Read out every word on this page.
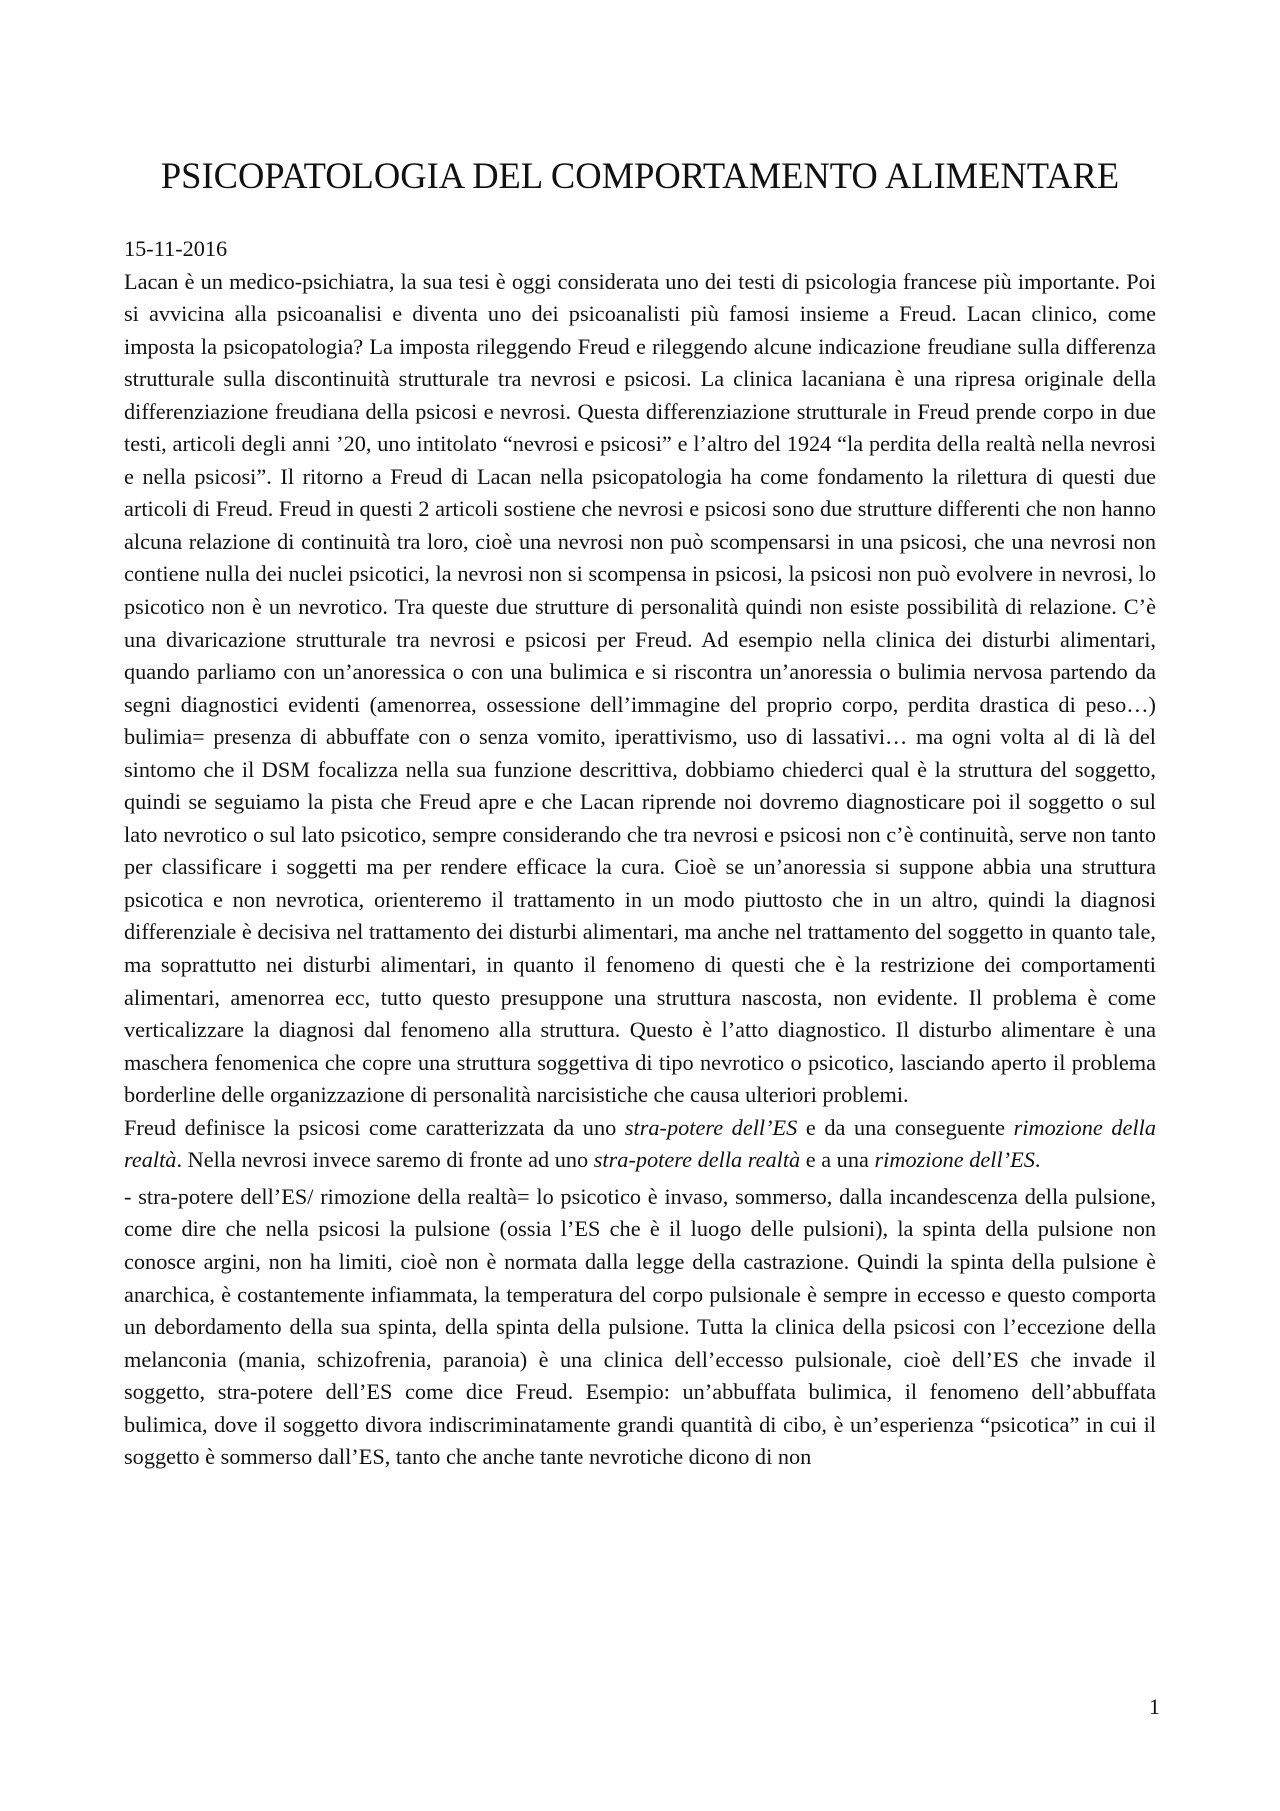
PSICOPATOLOGIA DEL COMPORTAMENTO ALIMENTARE

15-11-2016

Lacan è un medico-psichiatra, la sua tesi è oggi considerata uno dei testi di psicologia francese più importante. Poi si avvicina alla psicoanalisi e diventa uno dei psicoanalisti più famosi insieme a Freud. Lacan clinico, come imposta la psicopatologia? La imposta rileggendo Freud e rileggendo alcune indicazione freudiane sulla differenza strutturale sulla discontinuità strutturale tra nevrosi e psicosi. La clinica lacaniana è una ripresa originale della differenziazione freudiana della psicosi e nevrosi. Questa differenziazione strutturale in Freud prende corpo in due testi, articoli degli anni ’20, uno intitolato “nevrosi e psicosi” e l’altro del 1924 “la perdita della realtà nella nevrosi e nella psicosi”. Il ritorno a Freud di Lacan nella psicopatologia ha come fondamento la rilettura di questi due articoli di Freud. Freud in questi 2 articoli sostiene che nevrosi e psicosi sono due strutture differenti che non hanno alcuna relazione di continuità tra loro, cioè una nevrosi non può scompensarsi in una psicosi, che una nevrosi non contiene nulla dei nuclei psicotici, la nevrosi non si scompensa in psicosi, la psicosi non può evolvere in nevrosi, lo psicotico non è un nevrotico. Tra queste due strutture di personalità quindi non esiste possibilità di relazione. C’è una divaricazione strutturale tra nevrosi e psicosi per Freud. Ad esempio nella clinica dei disturbi alimentari, quando parliamo con un’anoressica o con una bulimica e si riscontra un’anoressia o bulimia nervosa partendo da segni diagnostici evidenti (amenorrea, ossessione dell’immagine del proprio corpo, perdita drastica di peso…) bulimia= presenza di abbuffate con o senza vomito, iperattivismo, uso di lassativi… ma ogni volta al di là del sintomo che il DSM focalizza nella sua funzione descrittiva, dobbiamo chiederci qual è la struttura del soggetto, quindi se seguiamo la pista che Freud apre e che Lacan riprende noi dovremo diagnosticare poi il soggetto o sul lato nevrotico o sul lato psicotico, sempre considerando che tra nevrosi e psicosi non c’è continuità, serve non tanto per classificare i soggetti ma per rendere efficace la cura. Cioè se un’anoressia si suppone abbia una struttura psicotica e non nevrotica, orienteremo il trattamento in un modo piuttosto che in un altro, quindi la diagnosi differenziale è decisiva nel trattamento dei disturbi alimentari, ma anche nel trattamento del soggetto in quanto tale, ma soprattutto nei disturbi alimentari, in quanto il fenomeno di questi che è la restrizione dei comportamenti alimentari, amenorrea ecc, tutto questo presuppone una struttura nascosta, non evidente. Il problema è come verticalizzare la diagnosi dal fenomeno alla struttura. Questo è l’atto diagnostico. Il disturbo alimentare è una maschera fenomenica che copre una struttura soggettiva di tipo nevrotico o psicotico, lasciando aperto il problema borderline delle organizzazione di personalità narcisistiche che causa ulteriori problemi.

Freud definisce la psicosi come caratterizzata da uno stra-potere dell’ES e da una conseguente rimozione della realtà. Nella nevrosi invece saremo di fronte ad uno stra-potere della realtà e a una rimozione dell’ES.

- stra-potere dell’ES/ rimozione della realtà= lo psicotico è invaso, sommerso, dalla incandescenza della pulsione, come dire che nella psicosi la pulsione (ossia l’ES che è il luogo delle pulsioni), la spinta della pulsione non conosce argini, non ha limiti, cioè non è normata dalla legge della castrazione. Quindi la spinta della pulsione è anarchica, è costantemente infiammata, la temperatura del corpo pulsionale è sempre in eccesso e questo comporta un debordamento della sua spinta, della spinta della pulsione. Tutta la clinica della psicosi con l’eccezione della melanconia (mania, schizofrenia, paranoia) è una clinica dell’eccesso pulsionale, cioè dell’ES che invade il soggetto, stra-potere dell’ES come dice Freud. Esempio: un’abbuffata bulimica, il fenomeno dell’abbuffata bulimica, dove il soggetto divora indiscriminatamente grandi quantità di cibo, è un’esperienza “psicotica” in cui il soggetto è sommerso dall’ES, tanto che anche tante nevrotiche dicono di non

1
